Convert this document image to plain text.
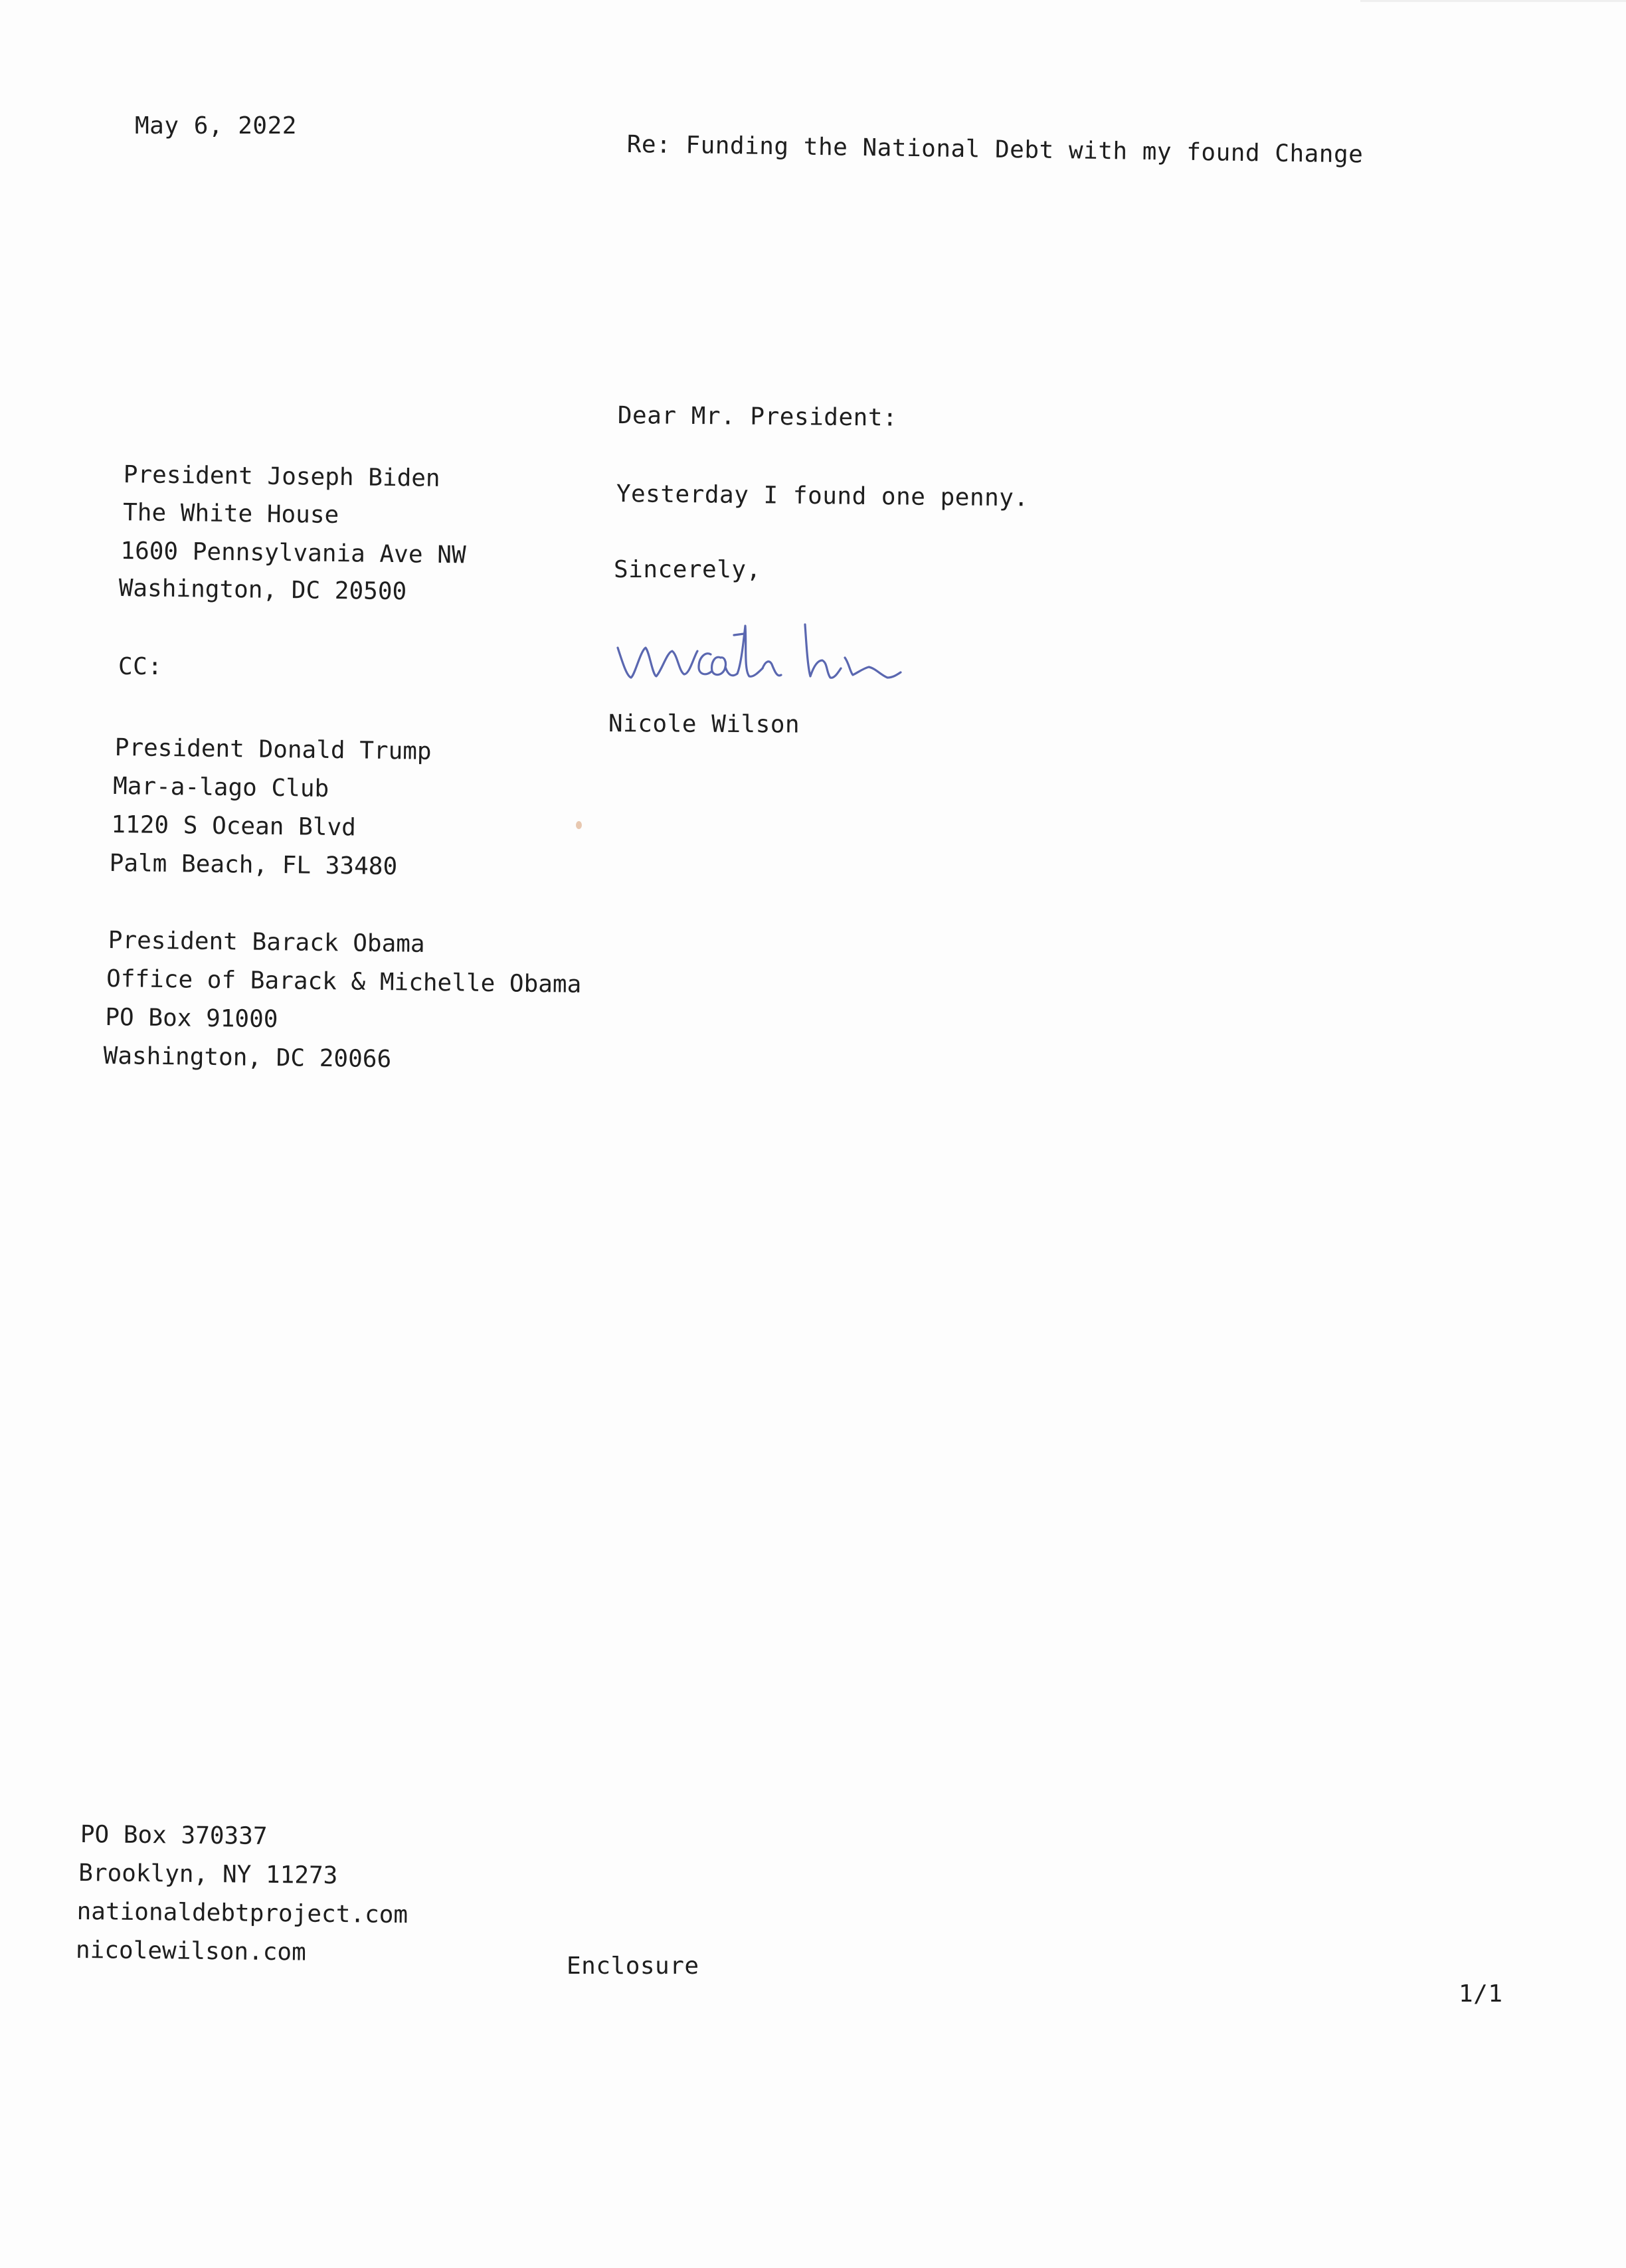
May 6, 2022
Re: Funding the National Debt with my found Change
Dear Mr. President:
Yesterday I found one penny.
Sincerely,
Nicole Wilson
President Joseph Biden
The White House
1600 Pennsylvania Ave NW
Washington, DC 20500
CC:
President Donald Trump
Mar-a-lago Club
1120 S Ocean Blvd
Palm Beach, FL 33480
President Barack Obama
Office of Barack & Michelle Obama
PO Box 91000
Washington, DC 20066
PO Box 370337
Brooklyn, NY 11273
nationaldebtproject.com
nicolewilson.com	Enclosure
1/1
